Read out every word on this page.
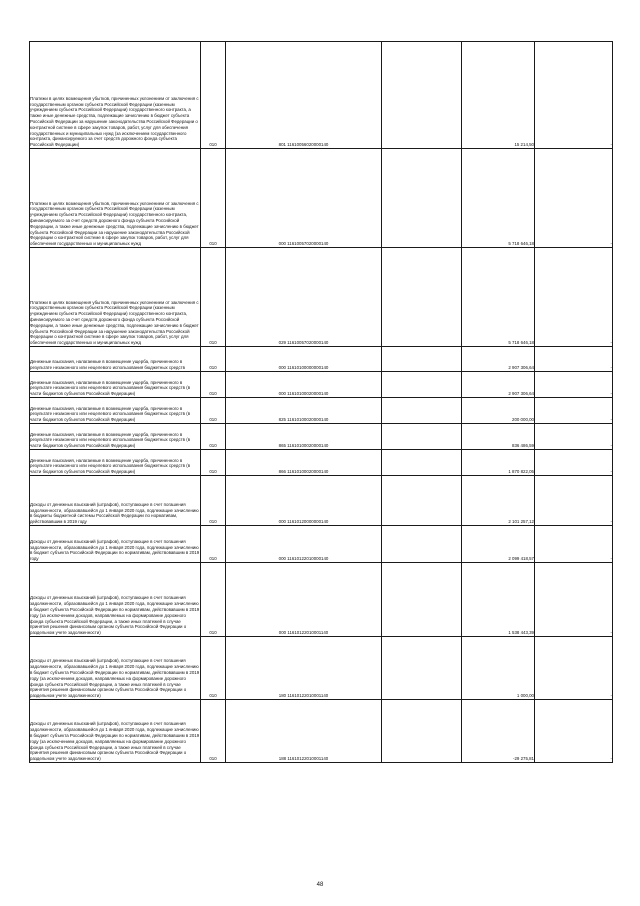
Платежи в целях возмещения убытков, причиненных уклонением от заключения с государственным органом субъекта Российской Федерации (казенным учреждением субъекта Российской Федерации) государственного контракта, а также иные денежные средства, подлежащие зачислению в бюджет субъекта Российской Федерации за нарушение законодательства Российской Федерации о контрактной системе в сфере закупок товаров, работ, услуг для обеспечения государственных и муниципальных нужд (за исключением государственного контракта, финансируемого за счет средств дорожного фонда субъекта Российской Федерации)	010	801 11610056020000140		15 214,50	-
Платежи в целях возмещения убытков, причиненных уклонением от заключения с государственным органом субъекта Российской Федерации (казенным учреждением субъекта Российской Федерации) государственного контракта, финансируемого за счет средств дорожного фонда субъекта Российской Федерации, а также иные денежные средства, подлежащие зачислению в бюджет субъекта Российской Федерации за нарушение законодательства Российской Федерации о контрактной системе в сфере закупок товаров, работ, услуг для обеспечения государственных и муниципальных нужд	010	000 11610057020000140		5 718 646,18	-
Платежи в целях возмещения убытков, причиненных уклонением от заключения с государственным органом субъекта Российской Федерации (казенным учреждением субъекта Российской Федерации) государственного контракта, финансируемого за счет средств дорожного фонда субъекта Российской Федерации, а также иные денежные средства, подлежащие зачислению в бюджет субъекта Российской Федерации за нарушение законодательства Российской Федерации о контрактной системе в сфере закупок товаров, работ, услуг для обеспечения государственных и муниципальных нужд	010	029 11610057020000140		5 718 646,18	-
Денежные взыскания, налагаемые в возмещение ущерба, причиненного в результате незаконного или нецелевого использования бюджетных средств	010	000 11610100000000140		2 907 306,64	-
Денежные взыскания, налагаемые в возмещение ущерба, причиненного в результате незаконного или нецелевого использования бюджетных средств (в части бюджетов субъектов Российской Федерации)	010	000 11610100020000140		2 907 306,64	-
Денежные взыскания, налагаемые в возмещение ущерба, причиненного в результате незаконного или нецелевого использования бюджетных средств (в части бюджетов субъектов Российской Федерации)	010	825 11610100020000140		200 000,00	-
Денежные взыскания, налагаемые в возмещение ущерба, причиненного в результате незаконного или нецелевого использования бюджетных средств (в части бюджетов субъектов Российской Федерации)	010	865 11610100020000140		836 486,59	-
Денежные взыскания, налагаемые в возмещение ущерба, причиненного в результате незаконного или нецелевого использования бюджетных средств (в части бюджетов субъектов Российской Федерации)	010	866 11610100020000140		1 870 822,05	-
Доходы от денежных взысканий (штрафов), поступающие в счет погашения задолженности, образовавшейся до 1 января 2020 года, подлежащие зачислению в бюджеты бюджетной системы Российской Федерации по нормативам, действовавшим в 2019 году	010	000 11610120000000140		2 101 257,12	-
Доходы от денежных взысканий (штрафов), поступающие в счет погашения задолженности, образовавшейся до 1 января 2020 года, подлежащие зачислению в бюджет субъекта Российской Федерации по нормативам, действовавшим в 2019 году	010	000 11610122010000140		2 099 418,57	-
Доходы от денежных взысканий (штрафов), поступающие в счет погашения задолженности, образовавшейся до 1 января 2020 года, подлежащие зачислению в бюджет субъекта Российской Федерации по нормативам, действовавшим в 2019 году (за исключением доходов, направляемых на формирование дорожного фонда субъекта Российской Федерации, а также иных платежей в случае принятия решения финансовым органом субъекта Российской Федерации о раздельном учете задолженности)	010	000 11610122010001140		1 538 443,39	-
Доходы от денежных взысканий (штрафов), поступающие в счет погашения задолженности, образовавшейся до 1 января 2020 года, подлежащие зачислению в бюджет субъекта Российской Федерации по нормативам, действовавшим в 2019 году (за исключением доходов, направляемых на формирование дорожного фонда субъекта Российской Федерации, а также иных платежей в случае принятия решения финансовым органом субъекта Российской Федерации о раздельном учете задолженности)	010	180 11610122010001140		1 000,00	-
Доходы от денежных взысканий (штрафов), поступающие в счет погашения задолженности, образовавшейся до 1 января 2020 года, подлежащие зачислению в бюджет субъекта Российской Федерации по нормативам, действовавшим в 2019 году (за исключением доходов, направляемых на формирование дорожного фонда субъекта Российской Федерации, а также иных платежей в случае принятия решения финансовым органом субъекта Российской Федерации о раздельном учете задолженности)	010	188 11610122010001140		-29 275,81	-
48
